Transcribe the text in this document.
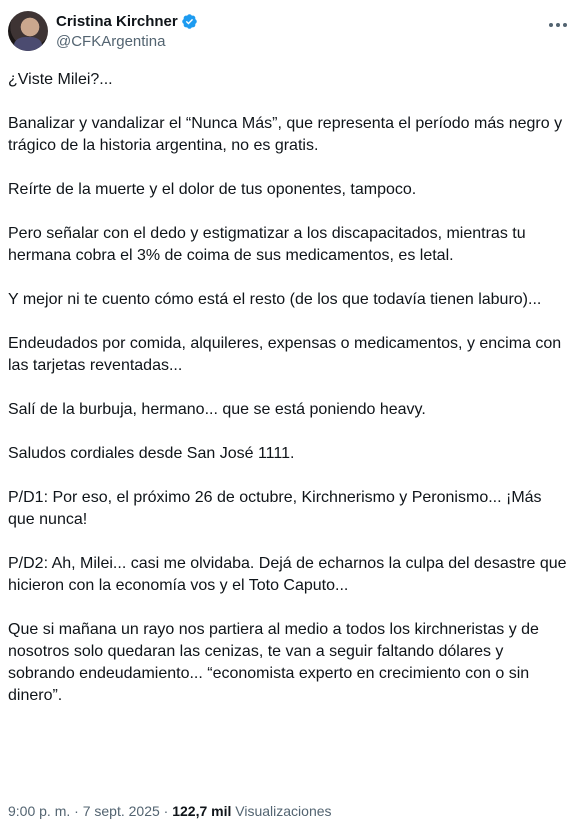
Cristina Kirchner
@CFKArgentina

¿Viste Milei?...

Banalizar y vandalizar el “Nunca Más”, que representa el período más negro y trágico de la historia argentina, no es gratis.

Reírte de la muerte y el dolor de tus oponentes, tampoco.

Pero señalar con el dedo y estigmatizar a los discapacitados, mientras tu hermana cobra el 3% de coima de sus medicamentos, es letal.

Y mejor ni te cuento cómo está el resto (de los que todavía tienen laburo)...

Endeudados por comida, alquileres, expensas o medicamentos, y encima con las tarjetas reventadas...

Salí de la burbuja, hermano... que se está poniendo heavy.

Saludos cordiales desde San José 1111.

P/D1: Por eso, el próximo 26 de octubre, Kirchnerismo y Peronismo... ¡Más que nunca!

P/D2: Ah, Milei... casi me olvidaba. Dejá de echarnos la culpa del desastre que hicieron con la economía vos y el Toto Caputo...

Que si mañana un rayo nos partiera al medio a todos los kirchneristas y de nosotros solo quedaran las cenizas, te van a seguir faltando dólares y sobrando endeudamiento... “economista experto en crecimiento con o sin dinero”.

9:00 p. m. · 7 sept. 2025 · 122,7 mil Visualizaciones
